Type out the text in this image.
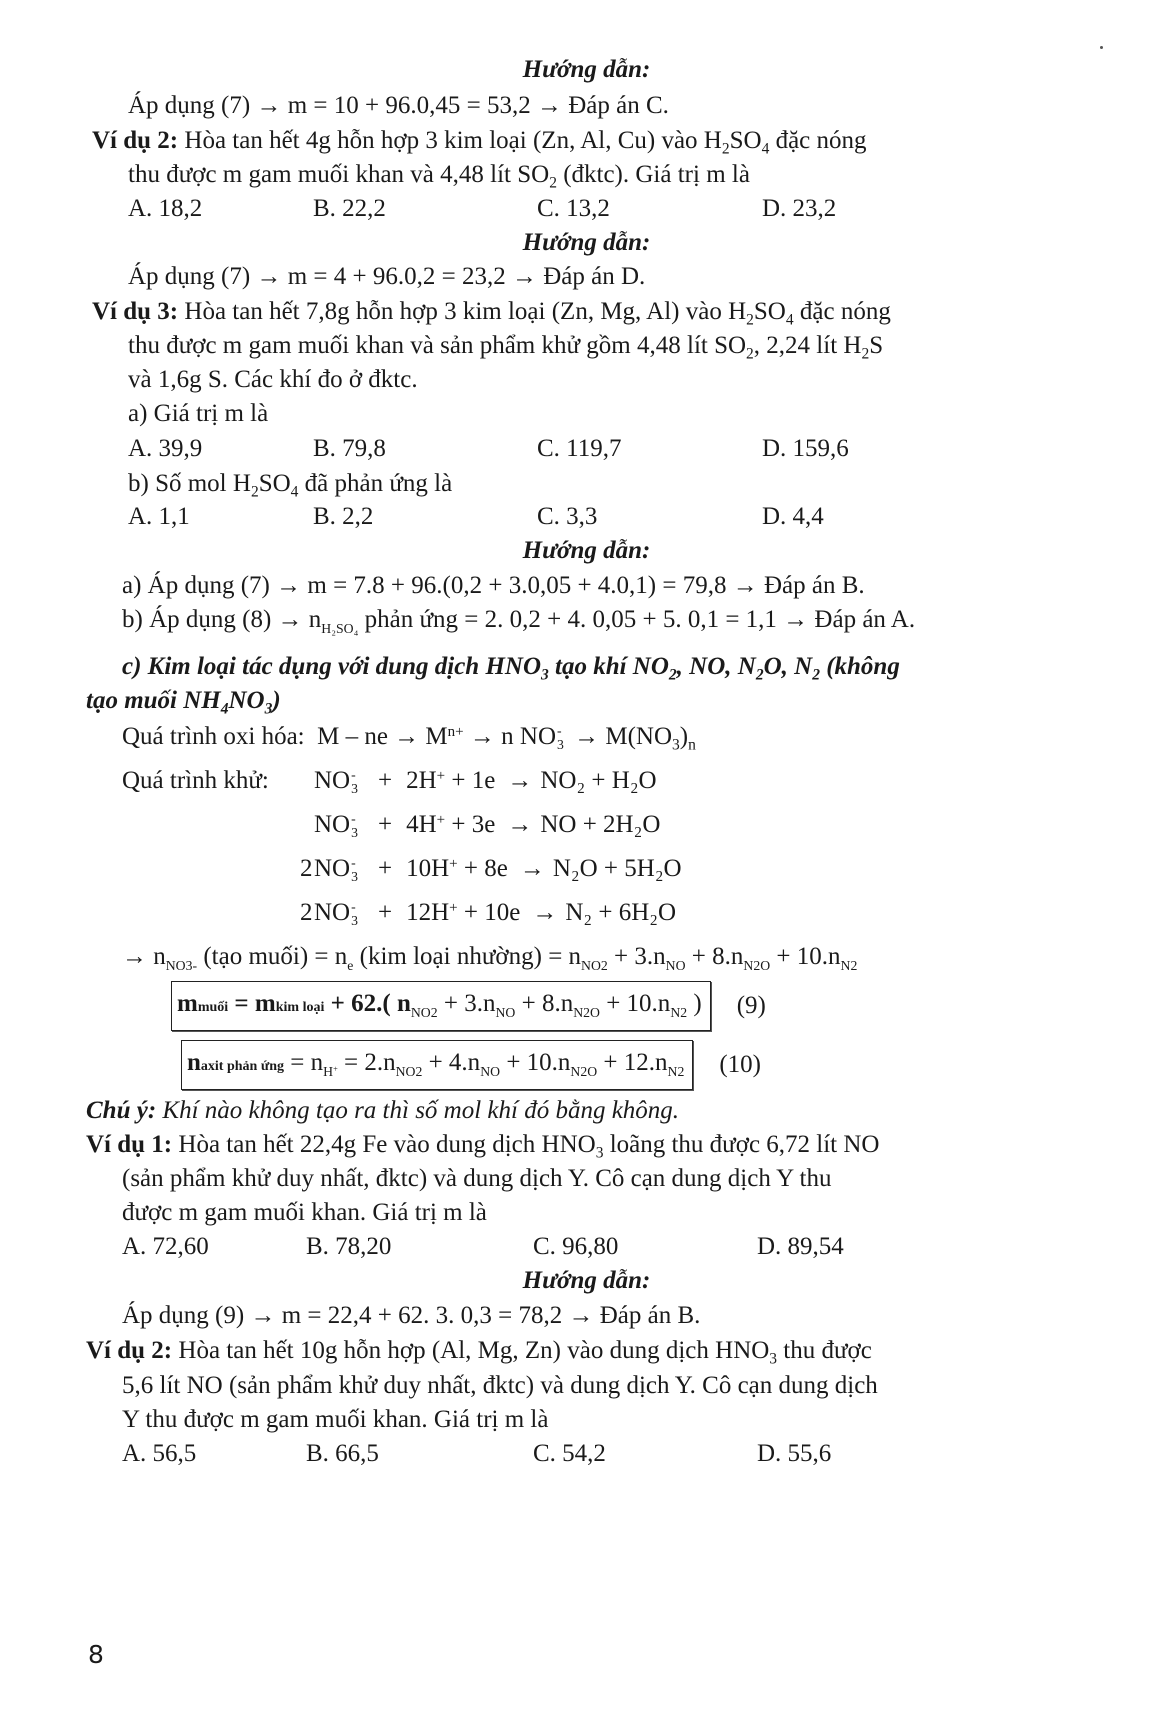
Hướng dẫn:
Áp dụng (7) → m = 10 + 96.0,45 = 53,2 → Đáp án C.
Ví dụ 2: Hòa tan hết 4g hỗn hợp 3 kim loại (Zn, Al, Cu) vào $H_2SO_4$ đặc nóng
thu được m gam muối khan và 4,48 lít $SO_2$ (đktc). Giá trị m là
A. 18,2	B. 22,2	C. 13,2	D. 23,2
Hướng dẫn:
Áp dụng (7) → m = 4 + 96.0,2 = 23,2 → Đáp án D.
Ví dụ 3: Hòa tan hết 7,8g hỗn hợp 3 kim loại (Zn, Mg, Al) vào $H_2SO_4$ đặc nóng
thu được m gam muối khan và sản phẩm khử gồm 4,48 lít $SO_2$, 2,24 lít $H_2S$
và 1,6g S. Các khí đo ở đktc.
a) Giá trị m là
A. 39,9	B. 79,8	C. 119,7	D. 159,6
b) Số mol $H_2SO_4$ đã phản ứng là
A. 1,1	B. 2,2	C. 3,3	D. 4,4
Hướng dẫn:
a) Áp dụng (7) → m = 7.8 + 96.(0,2 + 3.0,05 + 4.0,1) = 79,8 → Đáp án B.
b) Áp dụng $(8) \to n_{H_2SO_4}$ phản ứng = 2. 0,2 + 4. 0,05 + 5. 0,1 = 1,1 → Đáp án A.
c) Kim loại tác dụng với dung dịch $HNO_3$ tạo khí $NO_2$, NO, $N_2O$, $N_2$ (không
tạo muối $NH_4NO_3$)
Quá trình oxi hóa: M – ne → $M^{n+} \to n$ NO -
$3 \to M(NO_3)_n$
Quá trình khử:	NO -
3 + 2H+ + 1e → NO₂ + H₂O
NO -
3 + 4H+ + 3e → NO + 2H₂O
2NO -
3 + 10H+ + 8e → N₂O + 5H₂O
2NO -
3 + 12H+ + 10e → N₂ + 6H₂O
→ $n_{NO3-}$ (tạo muối) = $n_e$ (kim loại nhường) = $n_{NO2} + 3.n_{NO} + 8.n_{N2O} + 10.n_{N2}$
mmuối = mkim loại + 62.( $n_{NO2} + 3.n_{NO} + 8.n_{N2O} + 10.n_{N2}$ )	(9)
naxit phản ứng = $n_{H^+} = 2.n_{NO2} + 4.n_{NO} + 10.n_{N2O} + 12.n_{N2}$	(10)
Chú ý: Khí nào không tạo ra thì số mol khí đó bằng không.
Ví dụ 1: Hòa tan hết 22,4g Fe vào dung dịch $HNO_3$ loãng thu được 6,72 lít NO
(sản phẩm khử duy nhất, đktc) và dung dịch Y. Cô cạn dung dịch Y thu
được m gam muối khan. Giá trị m là
A. 72,60	B. 78,20	C. 96,80	D. 89,54
Hướng dẫn:
Áp dụng (9) → m = 22,4 + 62. 3. 0,3 = 78,2 → Đáp án B.
Ví dụ 2: Hòa tan hết 10g hỗn hợp (Al, Mg, Zn) vào dung dịch $HNO_3$ thu được
5,6 lít NO (sản phẩm khử duy nhất, đktc) và dung dịch Y. Cô cạn dung dịch
Y thu được m gam muối khan. Giá trị m là
A. 56,5	B. 66,5	C. 54,2	D. 55,6
8
